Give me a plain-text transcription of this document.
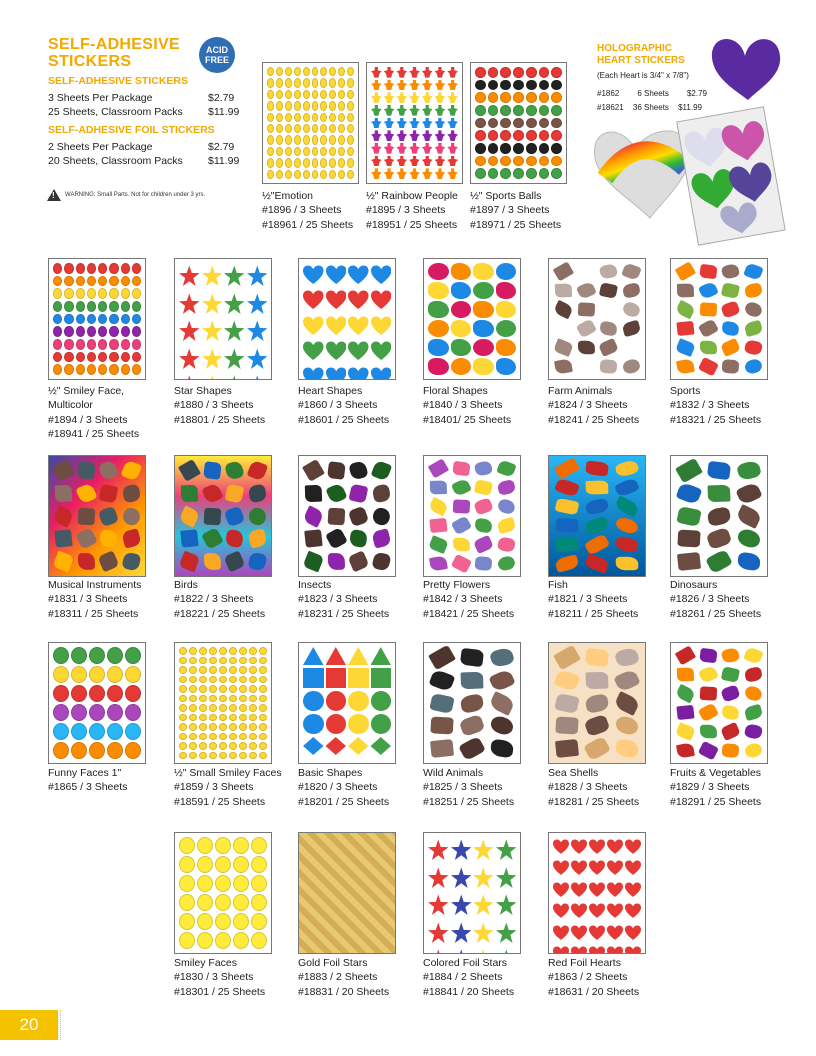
SELF-ADHESIVE
STICKERS
ACID
FREE
SELF-ADHESIVE STICKERS
3 Sheets Per Package	$2.79
25 Sheets, Classroom Packs	$11.99
SELF-ADHESIVE FOIL STICKERS
2 Sheets Per Package	$2.79
20 Sheets, Classroom Packs	$11.99
! WARNING: Small Parts. Not for children under 3 yrs.
HOLOGRAPHIC
HEART STICKERS
(Each Heart is 3/4" x 7/8")
#1862 6 Sheets $2.79
#18621 36 Sheets $11.99
½"Emotion
#1896 / 3 Sheets
#18961 / 25 Sheets
½" Rainbow People
#1895 / 3 Sheets
#18951 / 25 Sheets
½" Sports Balls
#1897 / 3 Sheets
#18971 / 25 Sheets
½" Smiley Face,
Multicolor
#1894 / 3 Sheets
#18941 / 25 Sheets
Star Shapes
#1880 / 3 Sheets
#18801 / 25 Sheets
Heart Shapes
#1860 / 3 Sheets
#18601 / 25 Sheets
Floral Shapes
#1840 / 3 Sheets
#18401/ 25 Sheets
Farm Animals
#1824 / 3 Sheets
#18241 / 25 Sheets
Sports
#1832 / 3 Sheets
#18321 / 25 Sheets
Musical Instruments
#1831 / 3 Sheets
#18311 / 25 Sheets
Birds
#1822 / 3 Sheets
#18221 / 25 Sheets
Insects
#1823 / 3 Sheets
#18231 / 25 Sheets
Pretty Flowers
#1842 / 3 Sheets
#18421 / 25 Sheets
Fish
#1821 / 3 Sheets
#18211 / 25 Sheets
Dinosaurs
#1826 / 3 Sheets
#18261 / 25 Sheets
Funny Faces 1"
#1865 / 3 Sheets
½" Small Smiley Faces
#1859 / 3 Sheets
#18591 / 25 Sheets
Basic Shapes
#1820 / 3 Sheets
#18201 / 25 Sheets
Wild Animals
#1825 / 3 Sheets
#18251 / 25 Sheets
Sea Shells
#1828 / 3 Sheets
#18281 / 25 Sheets
Fruits & Vegetables
#1829 / 3 Sheets
#18291 / 25 Sheets
Smiley Faces
#1830 / 3 Sheets
#18301 / 25 Sheets
Gold Foil Stars
#1883 / 2 Sheets
#18831 / 20 Sheets
Colored Foil Stars
#1884 / 2 Sheets
#18841 / 20 Sheets
Red Foil Hearts
#1863 / 2 Sheets
#18631 / 20 Sheets
20
